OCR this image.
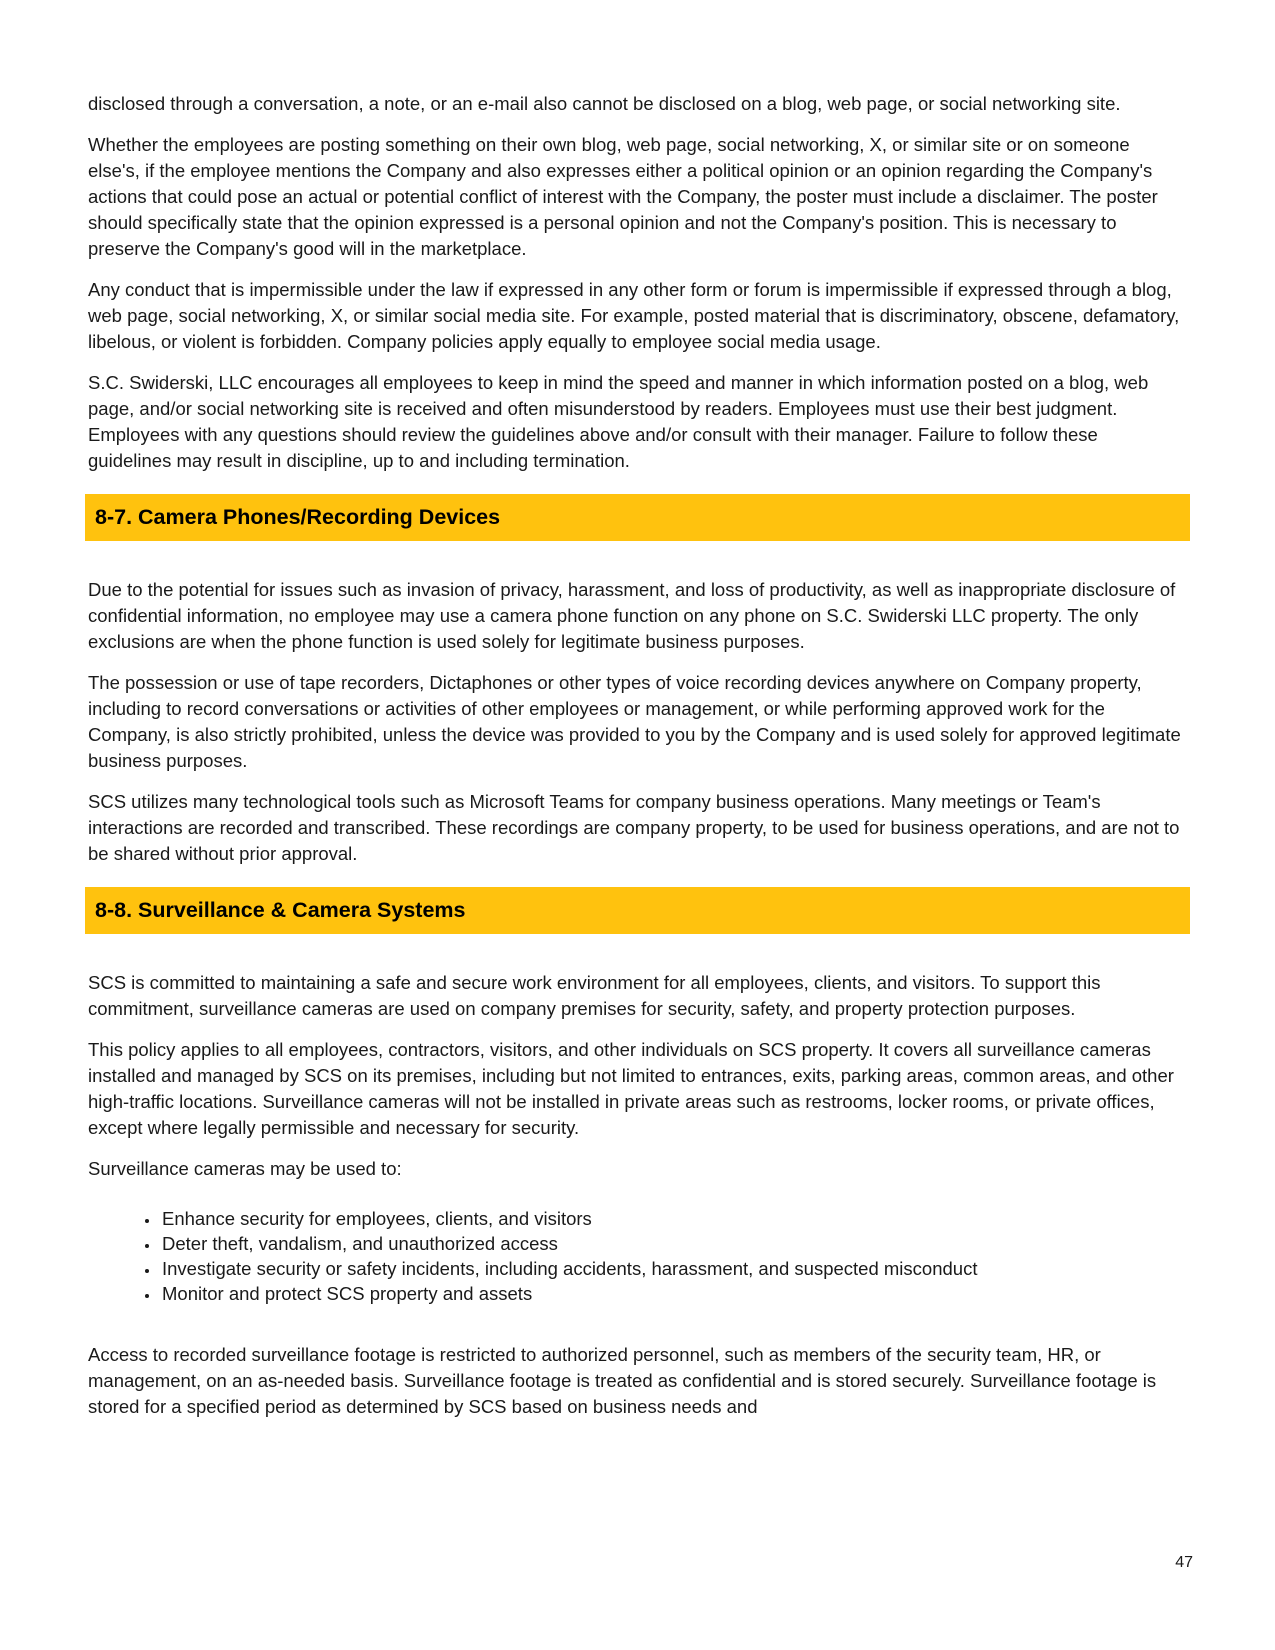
disclosed through a conversation, a note, or an e-mail also cannot be disclosed on a blog, web page, or social networking site.

Whether the employees are posting something on their own blog, web page, social networking, X, or similar site or on someone else's, if the employee mentions the Company and also expresses either a political opinion or an opinion regarding the Company's actions that could pose an actual or potential conflict of interest with the Company, the poster must include a disclaimer. The poster should specifically state that the opinion expressed is a personal opinion and not the Company's position. This is necessary to preserve the Company's good will in the marketplace.

Any conduct that is impermissible under the law if expressed in any other form or forum is impermissible if expressed through a blog, web page, social networking, X, or similar social media site. For example, posted material that is discriminatory, obscene, defamatory, libelous, or violent is forbidden. Company policies apply equally to employee social media usage.

S.C. Swiderski, LLC encourages all employees to keep in mind the speed and manner in which information posted on a blog, web page, and/or social networking site is received and often misunderstood by readers. Employees must use their best judgment. Employees with any questions should review the guidelines above and/or consult with their manager. Failure to follow these guidelines may result in discipline, up to and including termination.

8-7. Camera Phones/Recording Devices

Due to the potential for issues such as invasion of privacy, harassment, and loss of productivity, as well as inappropriate disclosure of confidential information, no employee may use a camera phone function on any phone on S.C. Swiderski LLC property. The only exclusions are when the phone function is used solely for legitimate business purposes.

The possession or use of tape recorders, Dictaphones or other types of voice recording devices anywhere on Company property, including to record conversations or activities of other employees or management, or while performing approved work for the Company, is also strictly prohibited, unless the device was provided to you by the Company and is used solely for approved legitimate business purposes.

SCS utilizes many technological tools such as Microsoft Teams for company business operations. Many meetings or Team's interactions are recorded and transcribed. These recordings are company property, to be used for business operations, and are not to be shared without prior approval.

8-8. Surveillance & Camera Systems

SCS is committed to maintaining a safe and secure work environment for all employees, clients, and visitors. To support this commitment, surveillance cameras are used on company premises for security, safety, and property protection purposes.

This policy applies to all employees, contractors, visitors, and other individuals on SCS property. It covers all surveillance cameras installed and managed by SCS on its premises, including but not limited to entrances, exits, parking areas, common areas, and other high-traffic locations. Surveillance cameras will not be installed in private areas such as restrooms, locker rooms, or private offices, except where legally permissible and necessary for security.

Surveillance cameras may be used to:

• Enhance security for employees, clients, and visitors
• Deter theft, vandalism, and unauthorized access
• Investigate security or safety incidents, including accidents, harassment, and suspected misconduct
• Monitor and protect SCS property and assets

Access to recorded surveillance footage is restricted to authorized personnel, such as members of the security team, HR, or management, on an as-needed basis. Surveillance footage is treated as confidential and is stored securely. Surveillance footage is stored for a specified period as determined by SCS based on business needs and

47
